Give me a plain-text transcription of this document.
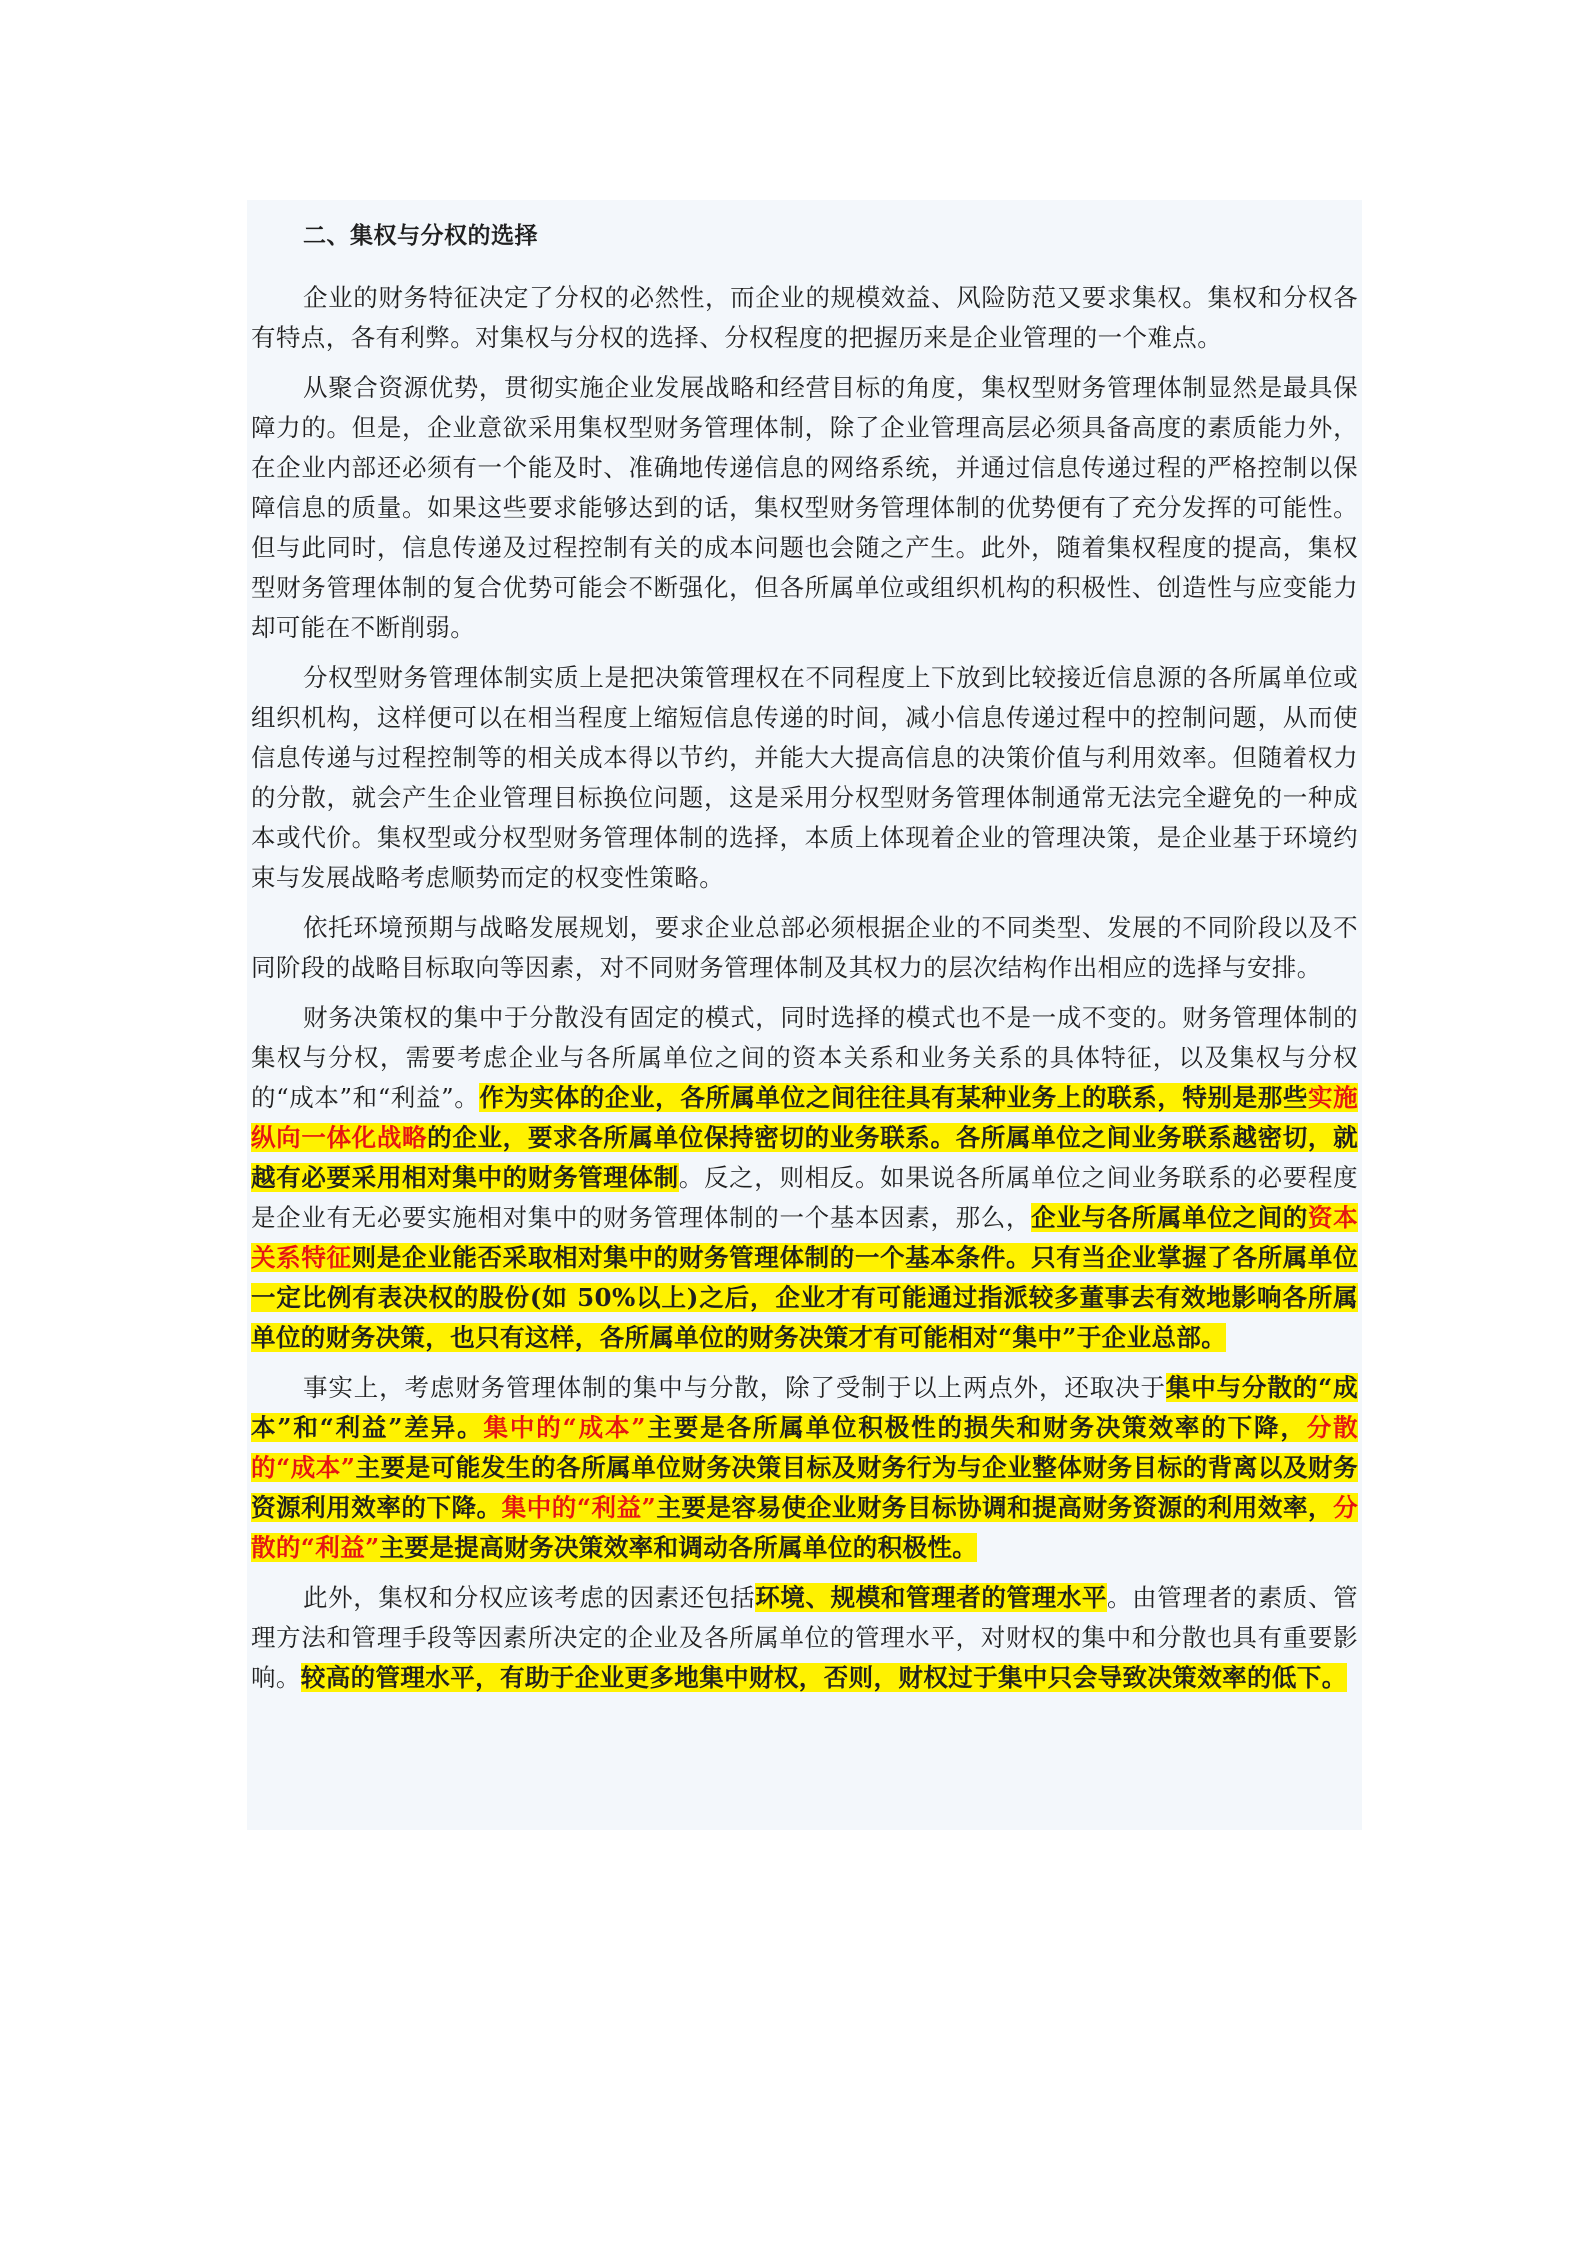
二、集权与分权的选择

企业的财务特征决定了分权的必然性，而企业的规模效益、风险防范又要求集权。集权和分权各有特点，各有利弊。对集权与分权的选择、分权程度的把握历来是企业管理的一个难点。

从聚合资源优势，贯彻实施企业发展战略和经营目标的角度，集权型财务管理体制显然是最具保障力的。但是，企业意欲采用集权型财务管理体制，除了企业管理高层必须具备高度的素质能力外，在企业内部还必须有一个能及时、准确地传递信息的网络系统，并通过信息传递过程的严格控制以保障信息的质量。如果这些要求能够达到的话，集权型财务管理体制的优势便有了充分发挥的可能性。但与此同时，信息传递及过程控制有关的成本问题也会随之产生。此外，随着集权程度的提高，集权型财务管理体制的复合优势可能会不断强化，但各所属单位或组织机构的积极性、创造性与应变能力却可能在不断削弱。

分权型财务管理体制实质上是把决策管理权在不同程度上下放到比较接近信息源的各所属单位或组织机构，这样便可以在相当程度上缩短信息传递的时间，减小信息传递过程中的控制问题，从而使信息传递与过程控制等的相关成本得以节约，并能大大提高信息的决策价值与利用效率。但随着权力的分散，就会产生企业管理目标换位问题，这是采用分权型财务管理体制通常无法完全避免的一种成本或代价。集权型或分权型财务管理体制的选择，本质上体现着企业的管理决策，是企业基于环境约束与发展战略考虑顺势而定的权变性策略。

依托环境预期与战略发展规划，要求企业总部必须根据企业的不同类型、发展的不同阶段以及不同阶段的战略目标取向等因素，对不同财务管理体制及其权力的层次结构作出相应的选择与安排。

财务决策权的集中于分散没有固定的模式，同时选择的模式也不是一成不变的。财务管理体制的集权与分权，需要考虑企业与各所属单位之间的资本关系和业务关系的具体特征，以及集权与分权的“成本”和“利益”。作为实体的企业，各所属单位之间往往具有某种业务上的联系，特别是那些实施纵向一体化战略的企业，要求各所属单位保持密切的业务联系。各所属单位之间业务联系越密切，就越有必要采用相对集中的财务管理体制。反之，则相反。如果说各所属单位之间业务联系的必要程度是企业有无必要实施相对集中的财务管理体制的一个基本因素，那么，企业与各所属单位之间的资本关系特征则是企业能否采取相对集中的财务管理体制的一个基本条件。只有当企业掌握了各所属单位一定比例有表决权的股份(如 50%以上)之后，企业才有可能通过指派较多董事去有效地影响各所属单位的财务决策，也只有这样，各所属单位的财务决策才有可能相对“集中”于企业总部。

事实上，考虑财务管理体制的集中与分散，除了受制于以上两点外，还取决于集中与分散的“成本”和“利益”差异。集中的“成本”主要是各所属单位积极性的损失和财务决策效率的下降，分散的“成本”主要是可能发生的各所属单位财务决策目标及财务行为与企业整体财务目标的背离以及财务资源利用效率的下降。集中的“利益”主要是容易使企业财务目标协调和提高财务资源的利用效率，分散的“利益”主要是提高财务决策效率和调动各所属单位的积极性。

此外，集权和分权应该考虑的因素还包括环境、规模和管理者的管理水平。由管理者的素质、管理方法和管理手段等因素所决定的企业及各所属单位的管理水平，对财权的集中和分散也具有重要影响。较高的管理水平，有助于企业更多地集中财权，否则，财权过于集中只会导致决策效率的低下。
